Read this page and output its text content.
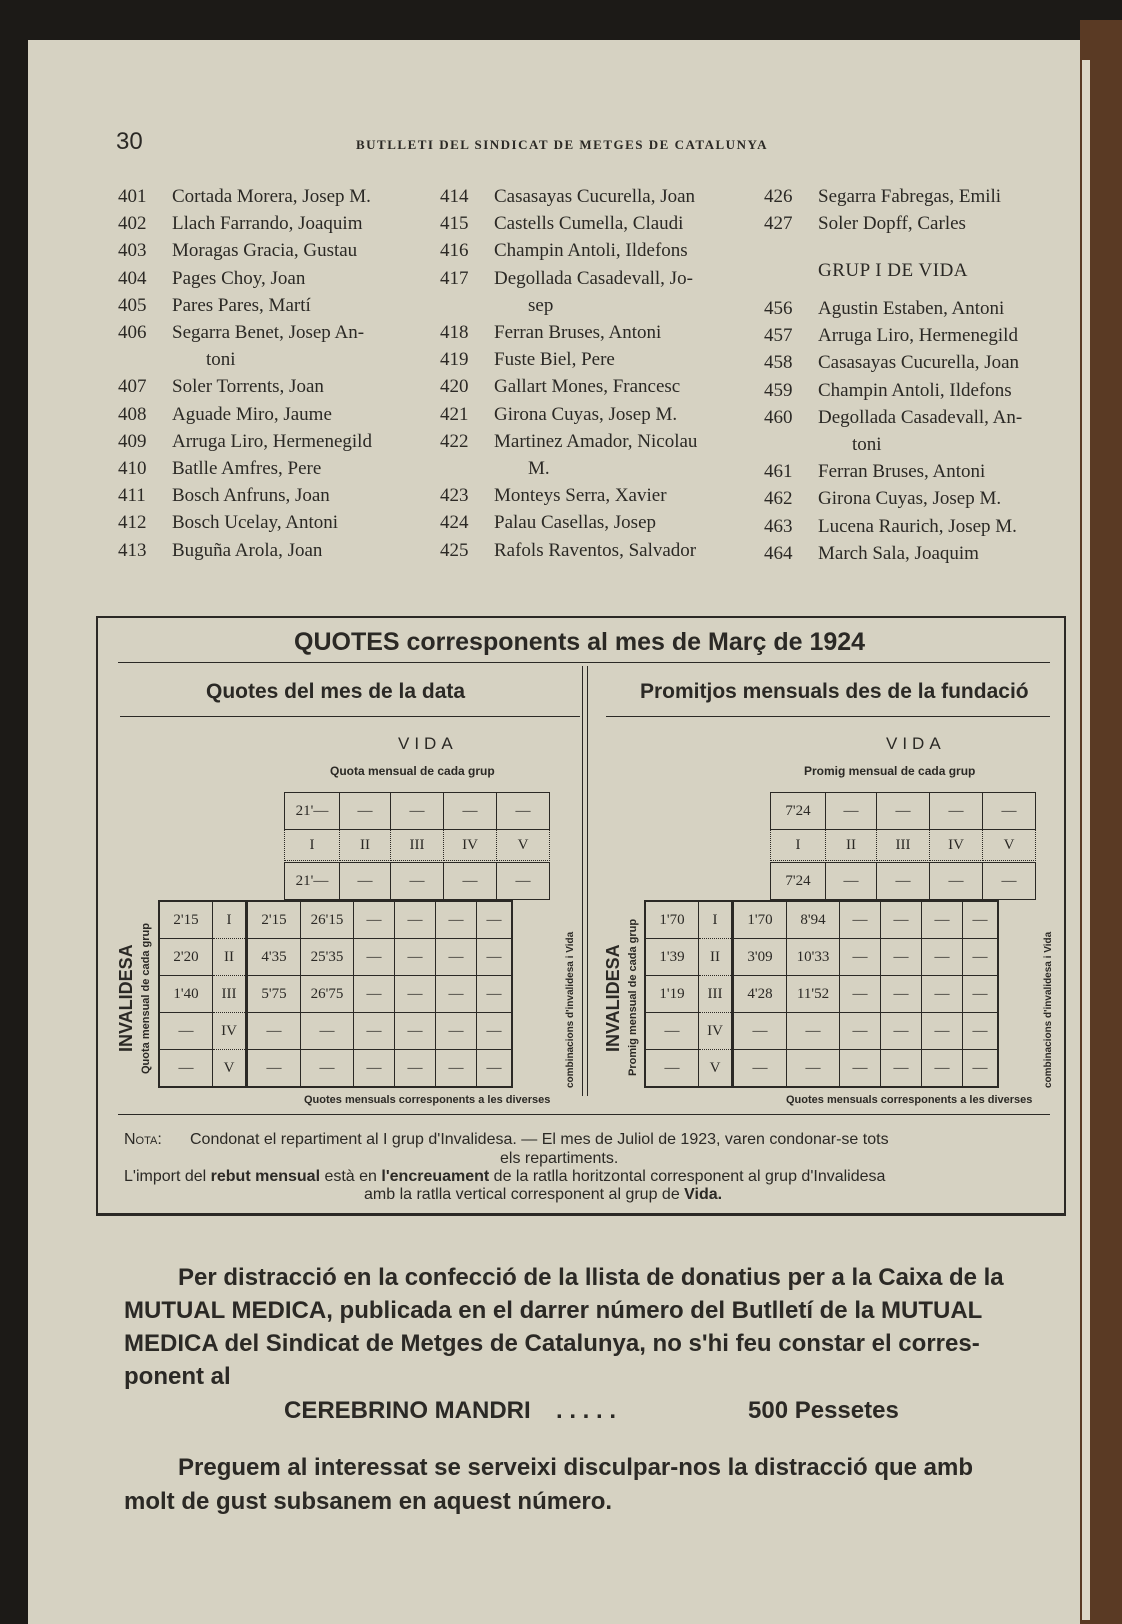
30	BUTLLETI DEL SINDICAT DE METGES DE CATALUNYA
401 Cortada Morera, Josep M.
402 Llach Farrando, Joaquim
403 Moragas Gracia, Gustau
404 Pages Choy, Joan
405 Pares Pares, Martí
406 Segarra Benet, Josep An-
toni
407 Soler Torrents, Joan
408 Aguade Miro, Jaume
409 Arruga Liro, Hermenegild
410 Batlle Amfres, Pere
411 Bosch Anfruns, Joan
412 Bosch Ucelay, Antoni
413 Buguña Arola, Joan
414 Casasayas Cucurella, Joan
415 Castells Cumella, Claudi
416 Champin Antoli, Ildefons
417 Degollada Casadevall, Jo-
sep
418 Ferran Bruses, Antoni
419 Fuste Biel, Pere
420 Gallart Mones, Francesc
421 Girona Cuyas, Josep M.
422 Martinez Amador, Nicolau
M.
423 Monteys Serra, Xavier
424 Palau Casellas, Josep
425 Rafols Raventos, Salvador
426 Segarra Fabregas, Emili
427 Soler Dopff, Carles
GRUP I DE VIDA
456 Agustin Estaben, Antoni
457 Arruga Liro, Hermenegild
458 Casasayas Cucurella, Joan
459 Champin Antoli, Ildefons
460 Degollada Casadevall, An-
toni
461 Ferran Bruses, Antoni
462 Girona Cuyas, Josep M.
463 Lucena Raurich, Josep M.
464 March Sala, Joaquim
QUOTES corresponents al mes de Març de 1924
Quotes del mes de la data	Promitjos mensuals des de la fundació
VIDA
Quota mensual de cada grup
VIDA
Promig mensual de cada grup
21'—	—	—	—	—
I	II	III	IV	V
21'—	—	—	—	—
2'15	I	2'15	26'15	—	—	—	—
2'20	II	4'35	25'35	—	—	—	—
1'40	III	5'75	26'75	—	—	—	—
—	IV	—	—	—	—	—	—
—	V	—	—	—	—	—	—
7'24	—	—	—	—
I	II	III	IV	V
7'24	—	—	—	—
1'70	I	1'70	8'94	—	—	—	—
1'39	II	3'09	10'33	—	—	—	—
1'19	III	4'28	11'52	—	—	—	—
—	IV	—	—	—	—	—	—
—	V	—	—	—	—	—	—
INVALIDESA Quota mensual de cada grup	combinacions d'invalidesa i Vida INVALIDESA Promig mensual de cada grup	combinacions d'invalidesa i Vida
Quotes mensuals corresponents a les diverses	Quotes mensuals corresponents a les diverses
Nota: Condonat el repartiment al I grup d'Invalidesa. — El mes de Juliol de 1923, varen condonar-se tots
els repartiments.
L'import del rebut mensual està en l'encreuament de la ratlla horitzontal corresponent al grup d'Invalidesa
amb la ratlla vertical corresponent al grup de Vida.
Per distracció en la confecció de la llista de donatius per a la Caixa de la
MUTUAL MEDICA, publicada en el darrer número del Butlletí de la MUTUAL
MEDICA del Sindicat de Metges de Catalunya, no s'hi feu constar el corres-
ponent al
CEREBRINO MANDRI . . . . .	500 Pessetes
Preguem al interessat se serveixi disculpar-nos la distracció que amb
molt de gust subsanem en aquest número.
